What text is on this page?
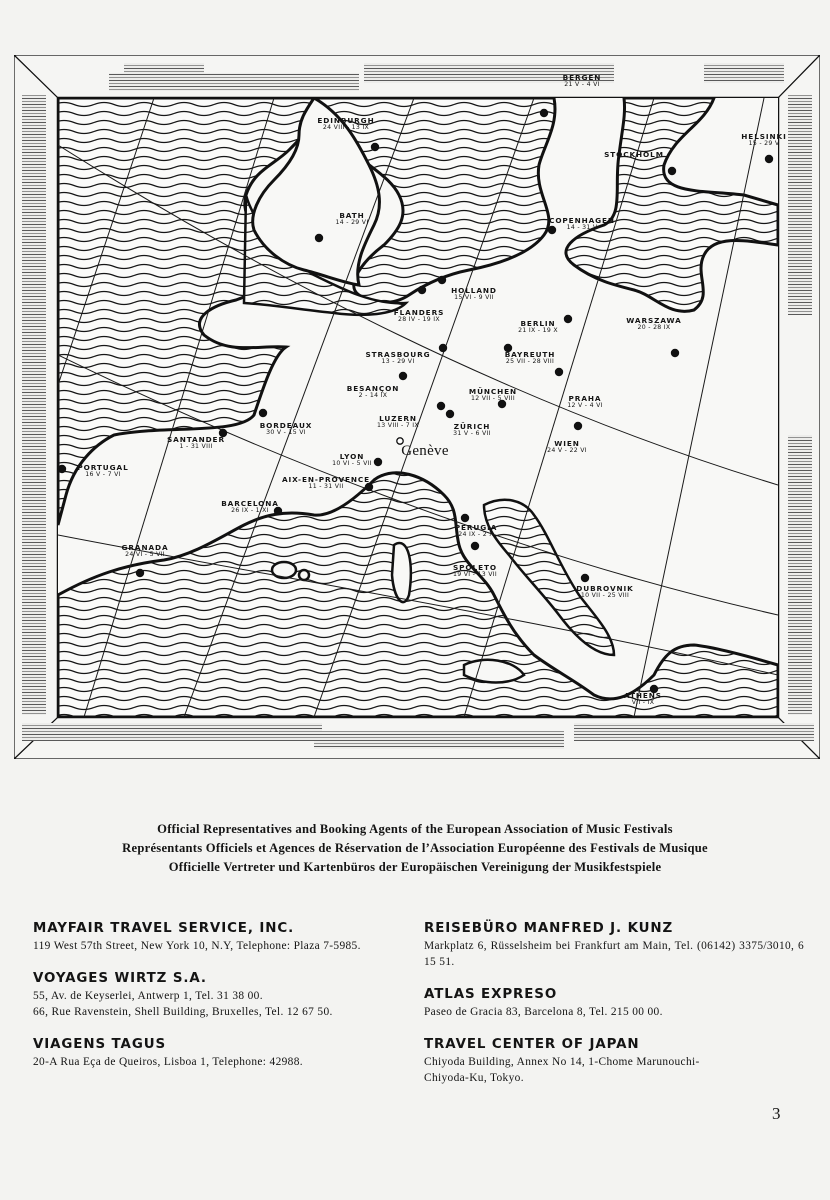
EDINBURGH
24 VIII - 13 IX
BERGEN
21 V - 4 VI
HELSINKI
15 - 29 V
STOCKHOLM
BATH
14 - 29 VI	COPENHAGEN
14 - 31 V
HOLLAND
15 VI - 9 VII
FLANDERS
28 IV - 19 IX	BERLIN
21 IX - 19 X
WARSZAWA
20 - 28 IX
STRASBOURG
13 - 29 VI
BAYREUTH
25 VII - 28 VIII
BESANÇON
2 - 14 IX	MÜNCHEN
12 VII - 5 VIII	PRAHA
12 V - 4 VI
LUZERN
13 VIII - 7 IX	ZÜRICH
31 V - 6 VII
WIEN
24 V - 22 VI
Genève
SANTANDER
1 - 31 VIII
BORDEAUX
30 V - 15 VI
LYON
10 VI - 5 VII
PORTUGAL
16 V - 7 VI
AIX-EN-PROVENCE
11 - 31 VII
BARCELONA
26 IX - 1 XI
GRANADA
24 VI - 5 VII
PERUGIA
24 IX - 2 X
SPOLETO
19 VI - 13 VII
DUBROVNIK
10 VII - 25 VIII
ATHENS
VII - IX
Official Representatives and Booking Agents of the European Association of Music Festivals
Représentants Officiels et Agences de Réservation de l’Association Européenne des Festivals de Musique
Officielle Vertreter und Kartenbüros der Europäischen Vereinigung der Musikfestspiele
MAYFAIR TRAVEL SERVICE, INC.
119 West 57th Street, New York 10, N.Y, Telephone: Plaza 7-5985.
VOYAGES WIRTZ S.A.
55, Av. de Keyserlei, Antwerp 1, Tel. 31 38 00.
66, Rue Ravenstein, Shell Building, Bruxelles, Tel. 12 67 50.
VIAGENS TAGUS
20-A Rua Eça de Queiros, Lisboa 1, Telephone: 42988.
REISEBÜRO MANFRED J. KUNZ
Markplatz 6, Rüsselsheim bei Frankfurt am Main, Tel. (06142) 3375/3010, 6 15 51.
ATLAS EXPRESO
Paseo de Gracia 83, Barcelona 8, Tel. 215 00 00.
TRAVEL CENTER OF JAPAN
Chiyoda Building, Annex No 14, 1-Chome Marunouchi-
Chiyoda-Ku, Tokyo.
3
